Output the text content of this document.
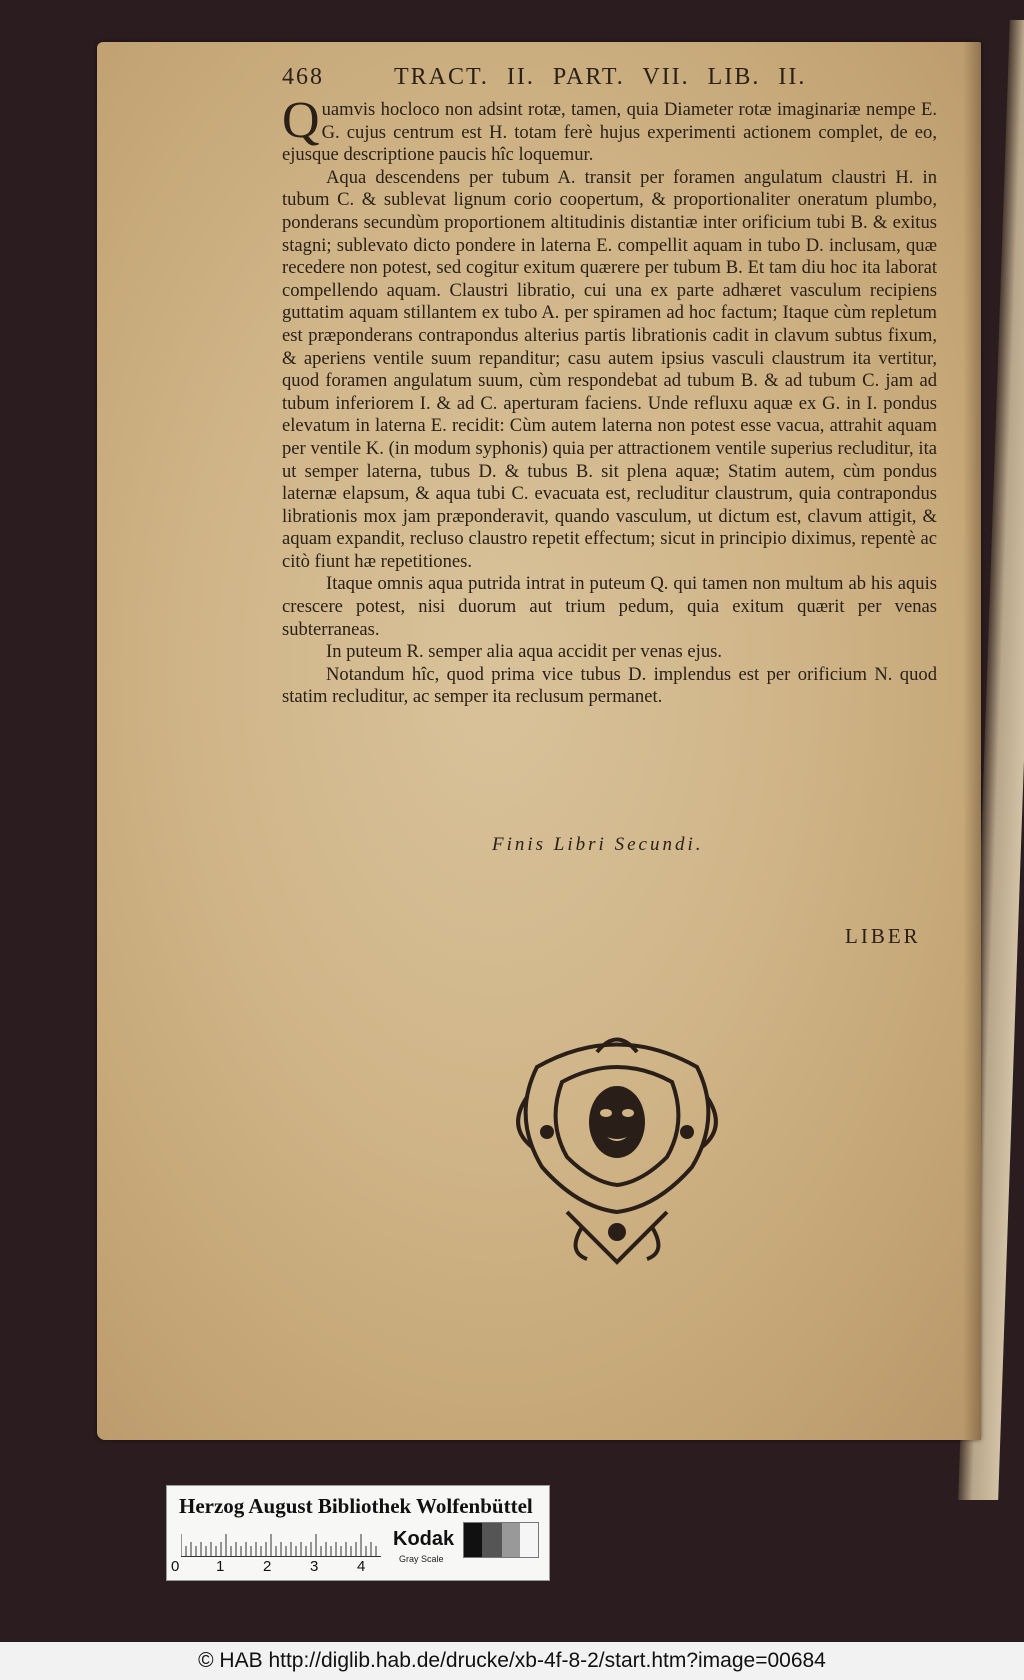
468	TRACT. II. PART. VII. LIB. II.

Quamvis hocloco non adsint rotæ, tamen, quia Diameter rotæ imaginariæ nempe E. G. cujus centrum est H. totam ferè hujus experimenti actionem complet, de eo, ejusque descriptione paucis hîc loquemur.

Aqua descendens per tubum A. transit per foramen angulatum claustri H. in tubum C. & sublevat lignum corio coopertum, & proportionaliter oneratum plumbo, ponderans secundùm proportionem altitudinis distantiæ inter orificium tubi B. & exitus stagni; sublevato dicto pondere in laterna E. compellit aquam in tubo D. inclusam, quæ recedere non potest, sed cogitur exitum quærere per tubum B. Et tam diu hoc ita laborat compellendo aquam. Claustri libratio, cui una ex parte adhæret vasculum recipiens guttatim aquam stillantem ex tubo A. per spiramen ad hoc factum; Itaque cùm repletum est præponderans contrapondus alterius partis librationis cadit in clavum subtus fixum, & aperiens ventile suum repanditur; casu autem ipsius vasculi claustrum ita vertitur, quod foramen angulatum suum, cùm respondebat ad tubum B. & ad tubum C. jam ad tubum inferiorem I. & ad C. aperturam faciens. Unde refluxu aquæ ex G. in I. pondus elevatum in laterna E. recidit: Cùm autem laterna non potest esse vacua, attrahit aquam per ventile K. (in modum syphonis) quia per attractionem ventile superius recluditur, ita ut semper laterna, tubus D. & tubus B. sit plena aquæ; Statim autem, cùm pondus laternæ elapsum, & aqua tubi C. evacuata est, recluditur claustrum, quia contrapondus librationis mox jam præponderavit, quando vasculum, ut dictum est, clavum attigit, & aquam expandit, recluso claustro repetit effectum; sicut in principio diximus, repentè ac citò fiunt hæ repetitiones.

Itaque omnis aqua putrida intrat in puteum Q. qui tamen non multum ab his aquis crescere potest, nisi duorum aut trium pedum, quia exitum quærit per venas subterraneas.

In puteum R. semper alia aqua accidit per venas ejus.

Notandum hîc, quod prima vice tubus D. implendus est per orificium N. quod statim recluditur, ac semper ita reclusum permanet.

Finis Libri Secundi.
LIBER
Herzog August Bibliothek Wolfenbüttel
0 1	2	3	4
Kodak
Gray Scale
© HAB http://diglib.hab.de/drucke/xb-4f-8-2/start.htm?image=00684
